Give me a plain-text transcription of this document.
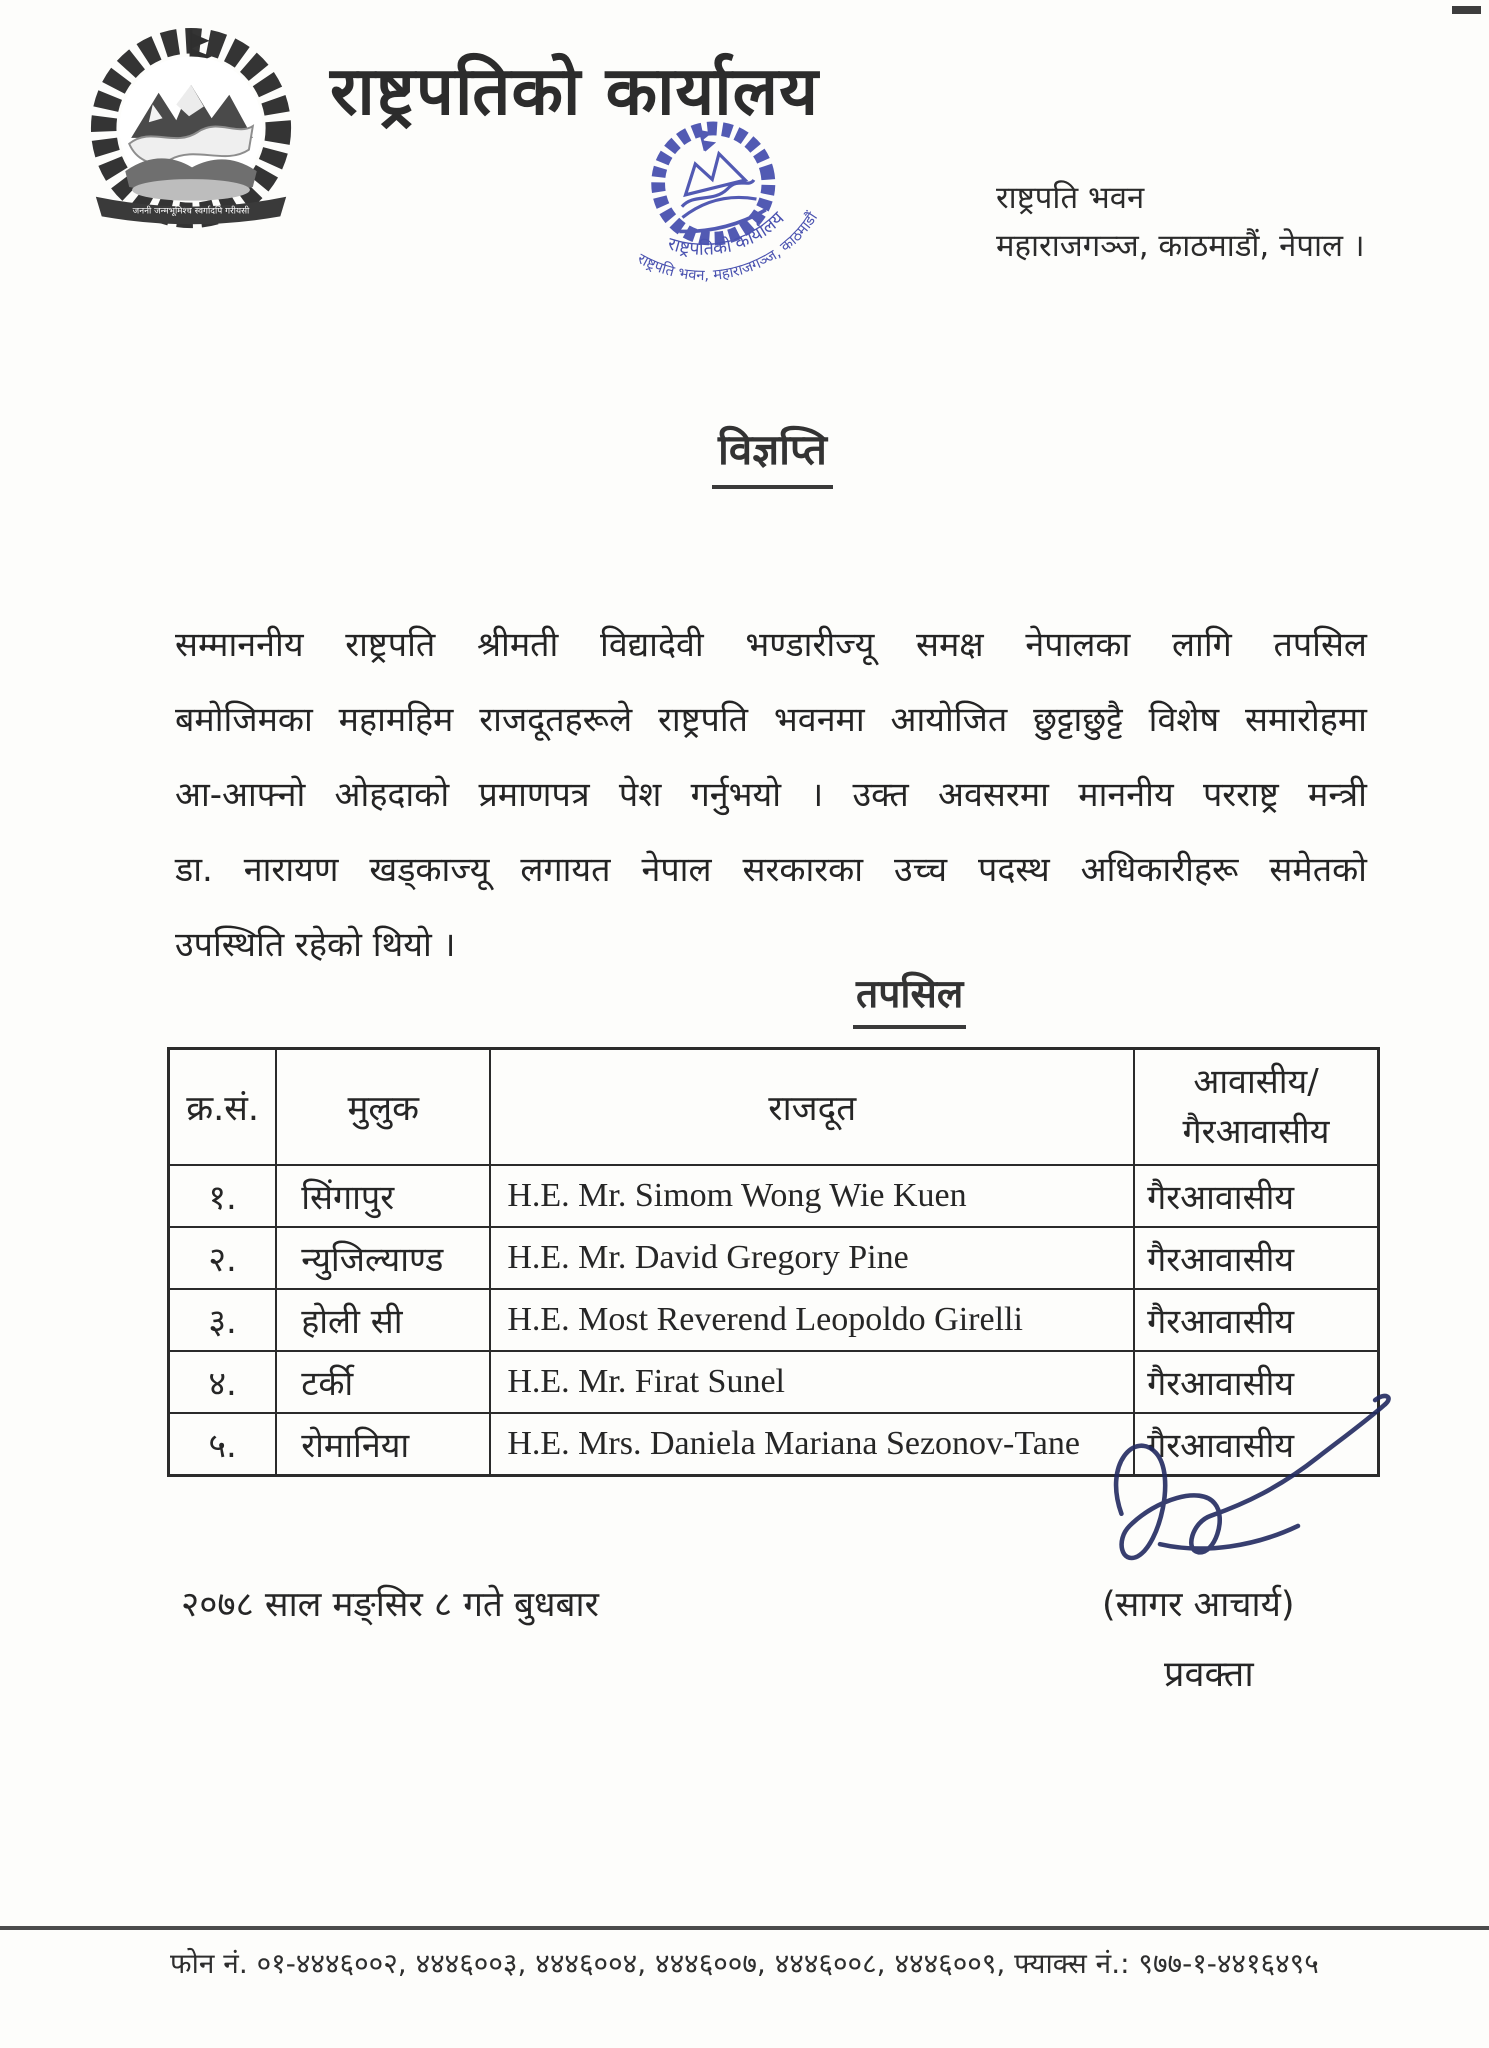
जननी जन्मभूमिश्च स्वर्गादपि गरीयसी
राष्ट्रपतिको कार्यालय
राष्ट्रपतिको कार्यालय
राष्ट्रपति भवन, महाराजगञ्ज, काठमाडौं
राष्ट्रपति भवन
महाराजगञ्ज, काठमाडौं, नेपाल ।
विज्ञप्ति
सम्माननीय राष्ट्रपति श्रीमती विद्यादेवी भण्डारीज्यू समक्ष नेपालका लागि तपसिल
बमोजिमका महामहिम राजदूतहरूले राष्ट्रपति भवनमा आयोजित छुट्टाछुट्टै विशेष समारोहमा
आ-आफ्नो ओहदाको प्रमाणपत्र पेश गर्नुभयो । उक्त अवसरमा माननीय परराष्ट्र मन्त्री
डा. नारायण खड्काज्यू लगायत नेपाल सरकारका उच्च पदस्थ अधिकारीहरू समेतको
उपस्थिति रहेको थियो ।
तपसिल
क्र.सं.	मुलुक	राजदूत	आवासीय/
गैरआवासीय

१.	सिंगापुर	H.E. Mr. Simom Wong Wie Kuen	गैरआवासीय
२.	न्युजिल्याण्ड	H.E. Mr. David Gregory Pine	गैरआवासीय
३.	होली सी	H.E. Most Reverend Leopoldo Girelli	गैरआवासीय
४.	टर्की	H.E. Mr. Firat Sunel	गैरआवासीय
५.	रोमानिया	H.E. Mrs. Daniela Mariana Sezonov-Tane	गैरआवासीय
२०७८ साल मङ्सिर ८ गते बुधबार	(सागर आचार्य)
प्रवक्ता
फोन नं. ०१-४४४६००२, ४४४६००३, ४४४६००४, ४४४६००७, ४४४६००८, ४४४६००९, फ्याक्स नं.: ९७७-१-४४१६४९५
